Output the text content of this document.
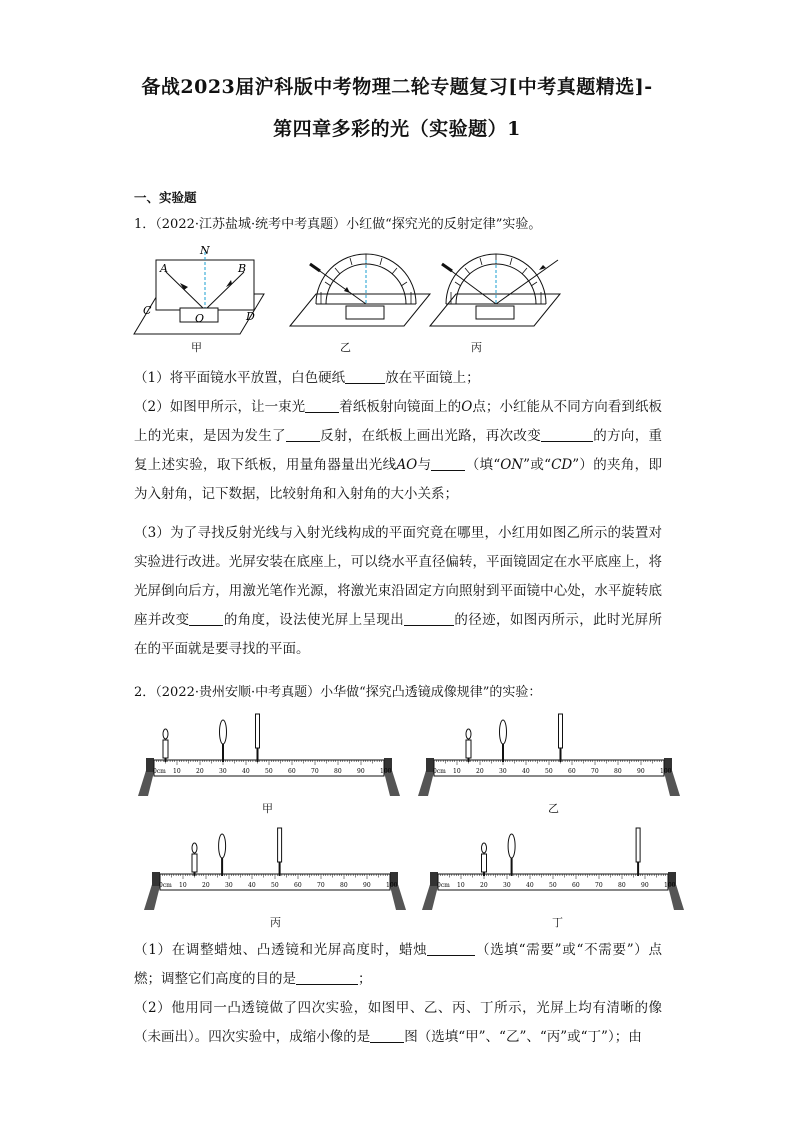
备战2023届沪科版中考物理二轮专题复习[中考真题精选]-
第四章多彩的光（实验题）1
一、实验题
1．（2022·江苏盐城·统考中考真题）小红做“探究光的反射定律”实验。
N
A	B
C	D
O
甲	乙	丙
（1）将平面镜水平放置，白色硬纸	放在平面镜上；
（2）如图甲所示，让一束光	着纸板射向镜面上的O点；小红能从不同方向看到纸板上的光束，是因为发生了	反射，在纸板上画出光路，再次改变	的方向，重复上述实验，取下纸板，用量角器量出光线AO与	（填“ON”或“CD”）的夹角，即为入射角，记下数据，比较射角和入射角的大小关系；
（3）为了寻找反射光线与入射光线构成的平面究竟在哪里，小红用如图乙所示的装置对实验进行改进。光屏安装在底座上，可以绕水平直径偏转，平面镜固定在水平底座上，将光屏倒向后方，用激光笔作光源，将激光束沿固定方向照射到平面镜中心处，水平旋转底座并改变	的角度，设法使光屏上呈现出	的径迹，如图丙所示，此时光屏所在的平面就是要寻找的平面。
2．（2022·贵州安顺·中考真题）小华做“探究凸透镜成像规律”的实验：
0cm 10	20	30	40	50	60	70	80	90	100	0cm 10	20	30	40	50	60	70	80	90	100
0cm 10	20	30	40	50	60	70	80	90	100	0cm 10	20	30	40	50	60	70	80	90	100
甲	乙
丙	丁
（1）在调整蜡烛、凸透镜和光屏高度时，蜡烛	（选填“需要”或“不需要”）点燃；调整它们高度的目的是	；
（2）他用同一凸透镜做了四次实验，如图甲、乙、丙、丁所示，光屏上均有清晰的像（未画出）。四次实验中，成缩小像的是	图（选填“甲”、“乙”、“丙”或“丁”）；由
